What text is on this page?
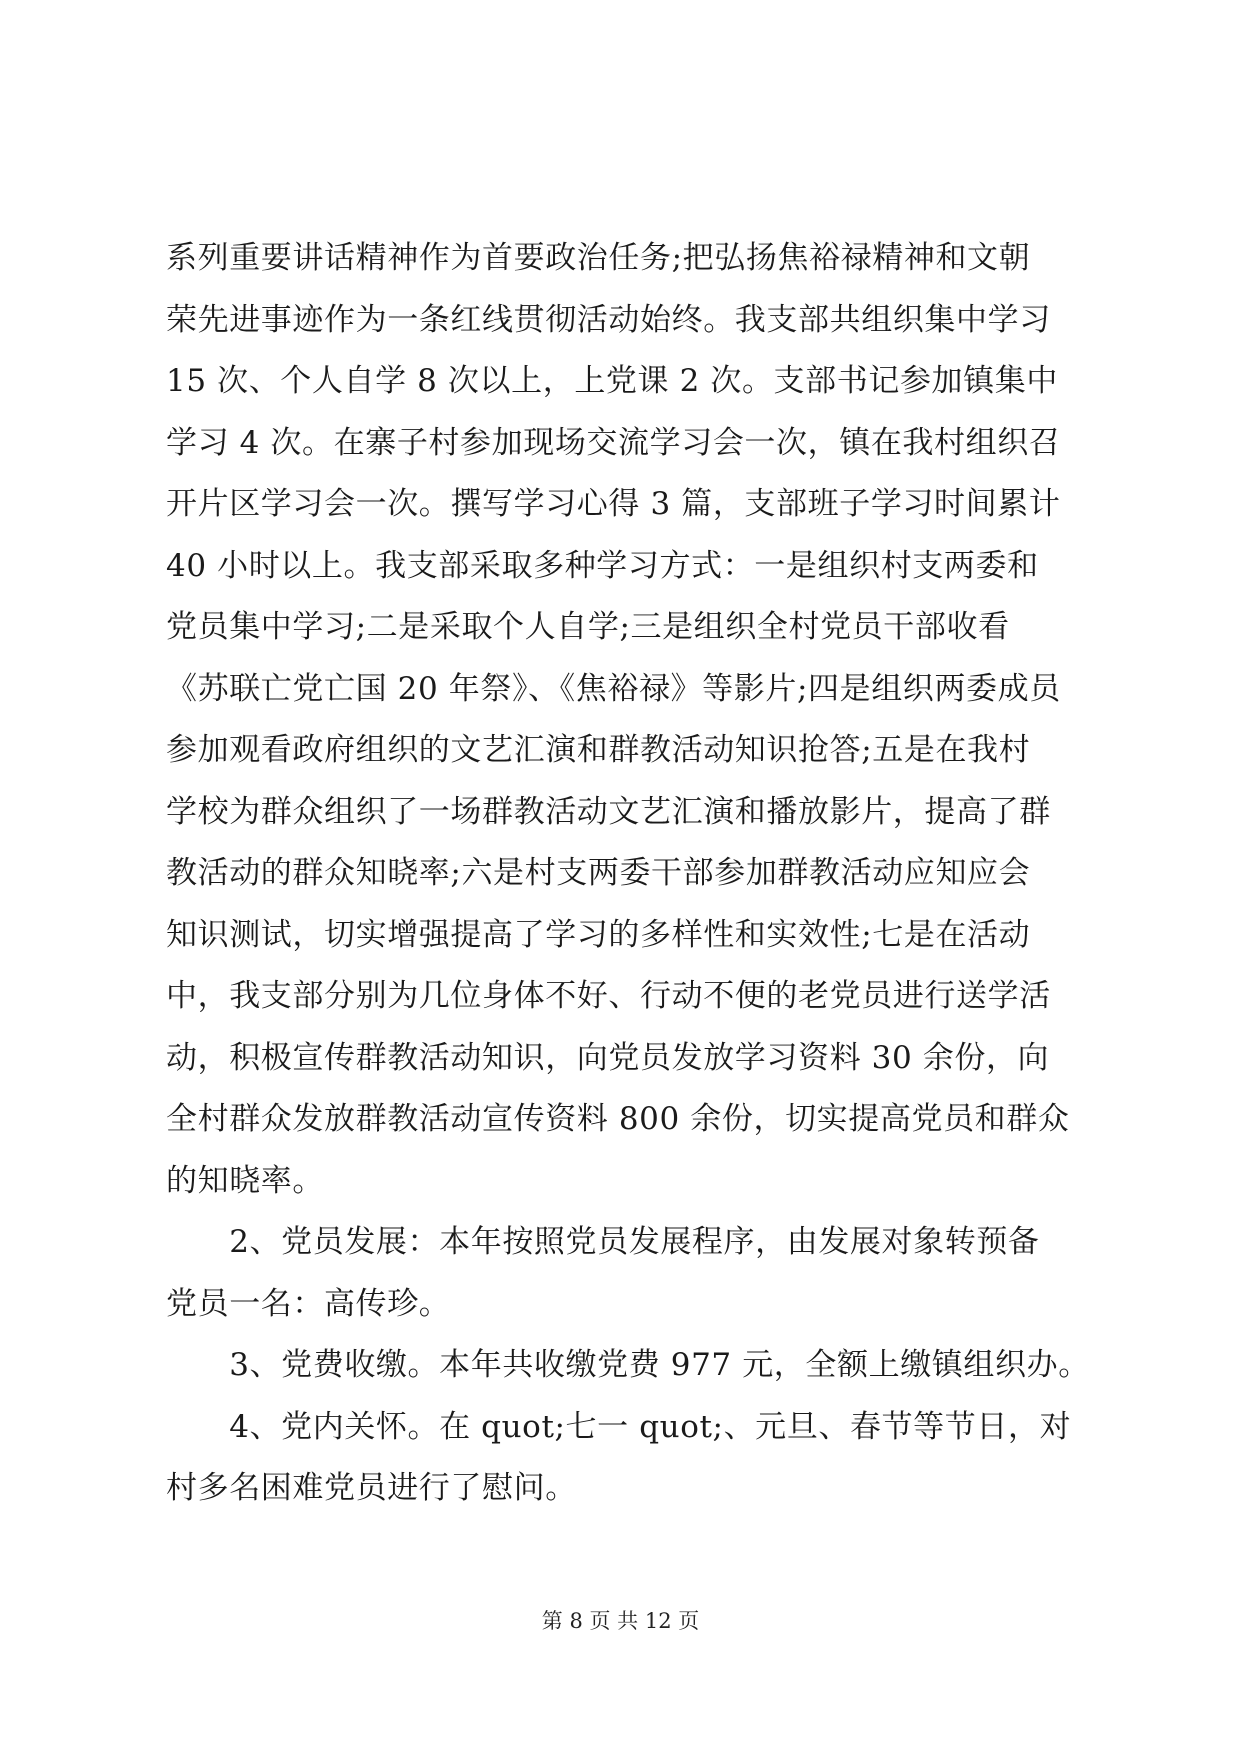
系列重要讲话精神作为首要政治任务;把弘扬焦裕禄精神和文朝
荣先进事迹作为一条红线贯彻活动始终。我支部共组织集中学习
15 次、个人自学 8 次以上，上党课 2 次。支部书记参加镇集中
学习 4 次。在寨子村参加现场交流学习会一次，镇在我村组织召
开片区学习会一次。撰写学习心得 3 篇，支部班子学习时间累计
40 小时以上。我支部采取多种学习方式：一是组织村支两委和
党员集中学习;二是采取个人自学;三是组织全村党员干部收看
《苏联亡党亡国 20 年祭》、《焦裕禄》等影片;四是组织两委成员
参加观看政府组织的文艺汇演和群教活动知识抢答;五是在我村
学校为群众组织了一场群教活动文艺汇演和播放影片，提高了群
教活动的群众知晓率;六是村支两委干部参加群教活动应知应会
知识测试，切实增强提高了学习的多样性和实效性;七是在活动
中，我支部分别为几位身体不好、行动不便的老党员进行送学活
动，积极宣传群教活动知识，向党员发放学习资料 30 余份，向
全村群众发放群教活动宣传资料 800 余份，切实提高党员和群众
的知晓率。
　　2、党员发展：本年按照党员发展程序，由发展对象转预备
党员一名：高传珍。
　　3、党费收缴。本年共收缴党费 977 元，全额上缴镇组织办。
　　4、党内关怀。在 quot;七一 quot;、元旦、春节等节日，对
村多名困难党员进行了慰问。
第 8 页 共 12 页
